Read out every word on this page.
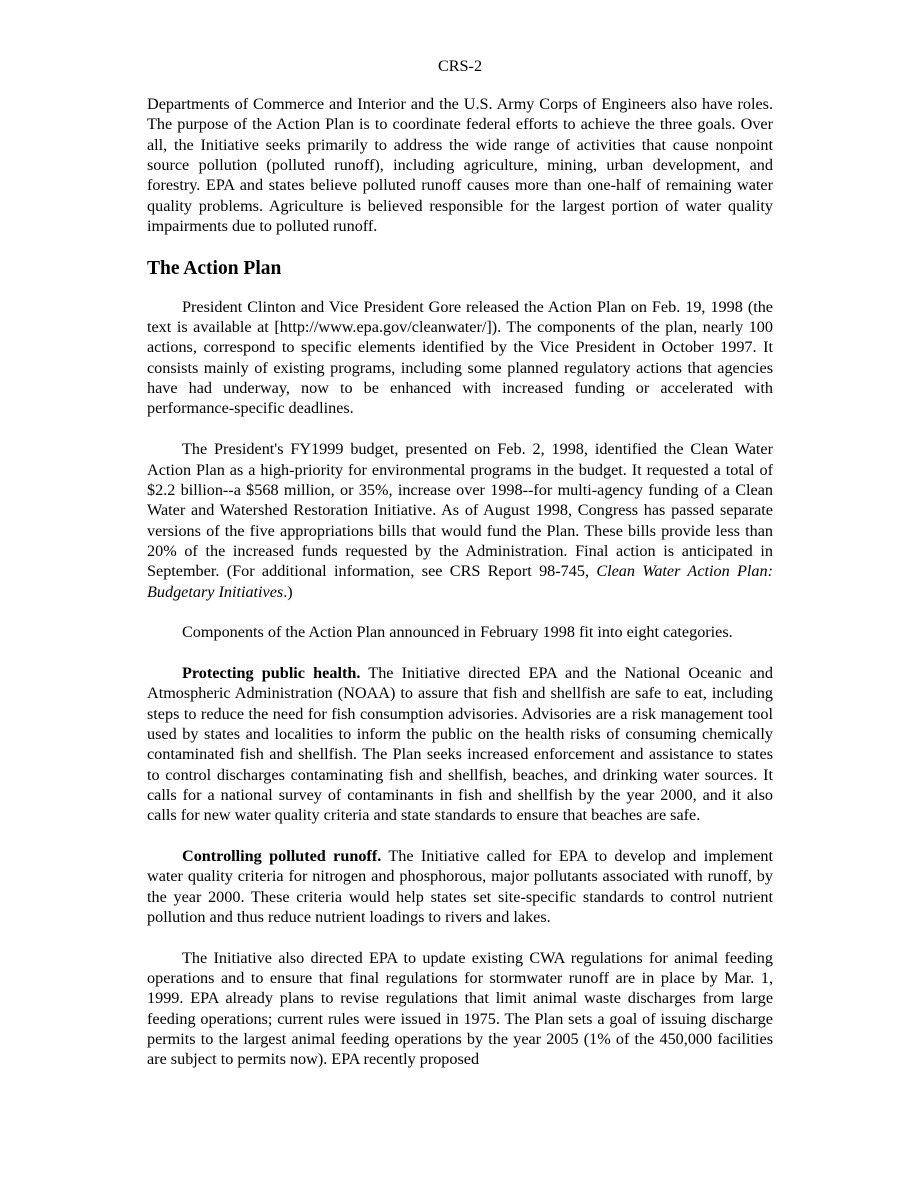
CRS-2

Departments of Commerce and Interior and the U.S. Army Corps of Engineers also have roles. The purpose of the Action Plan is to coordinate federal efforts to achieve the three goals. Over all, the Initiative seeks primarily to address the wide range of activities that cause nonpoint source pollution (polluted runoff), including agriculture, mining, urban development, and forestry. EPA and states believe polluted runoff causes more than one-half of remaining water quality problems. Agriculture is believed responsible for the largest portion of water quality impairments due to polluted runoff.

The Action Plan

President Clinton and Vice President Gore released the Action Plan on Feb. 19, 1998 (the text is available at [http://www.epa.gov/cleanwater/]). The components of the plan, nearly 100 actions, correspond to specific elements identified by the Vice President in October 1997. It consists mainly of existing programs, including some planned regulatory actions that agencies have had underway, now to be enhanced with increased funding or accelerated with performance-specific deadlines.

The President's FY1999 budget, presented on Feb. 2, 1998, identified the Clean Water Action Plan as a high-priority for environmental programs in the budget. It requested a total of $2.2 billion--a $568 million, or 35%, increase over 1998--for multi-agency funding of a Clean Water and Watershed Restoration Initiative. As of August 1998, Congress has passed separate versions of the five appropriations bills that would fund the Plan. These bills provide less than 20% of the increased funds requested by the Administration. Final action is anticipated in September. (For additional information, see CRS Report 98-745, Clean Water Action Plan: Budgetary Initiatives.)

Components of the Action Plan announced in February 1998 fit into eight categories.

Protecting public health. The Initiative directed EPA and the National Oceanic and Atmospheric Administration (NOAA) to assure that fish and shellfish are safe to eat, including steps to reduce the need for fish consumption advisories. Advisories are a risk management tool used by states and localities to inform the public on the health risks of consuming chemically contaminated fish and shellfish. The Plan seeks increased enforcement and assistance to states to control discharges contaminating fish and shellfish, beaches, and drinking water sources. It calls for a national survey of contaminants in fish and shellfish by the year 2000, and it also calls for new water quality criteria and state standards to ensure that beaches are safe.

Controlling polluted runoff. The Initiative called for EPA to develop and implement water quality criteria for nitrogen and phosphorous, major pollutants associated with runoff, by the year 2000. These criteria would help states set site-specific standards to control nutrient pollution and thus reduce nutrient loadings to rivers and lakes.

The Initiative also directed EPA to update existing CWA regulations for animal feeding operations and to ensure that final regulations for stormwater runoff are in place by Mar. 1, 1999. EPA already plans to revise regulations that limit animal waste discharges from large feeding operations; current rules were issued in 1975. The Plan sets a goal of issuing discharge permits to the largest animal feeding operations by the year 2005 (1% of the 450,000 facilities are subject to permits now). EPA recently proposed
